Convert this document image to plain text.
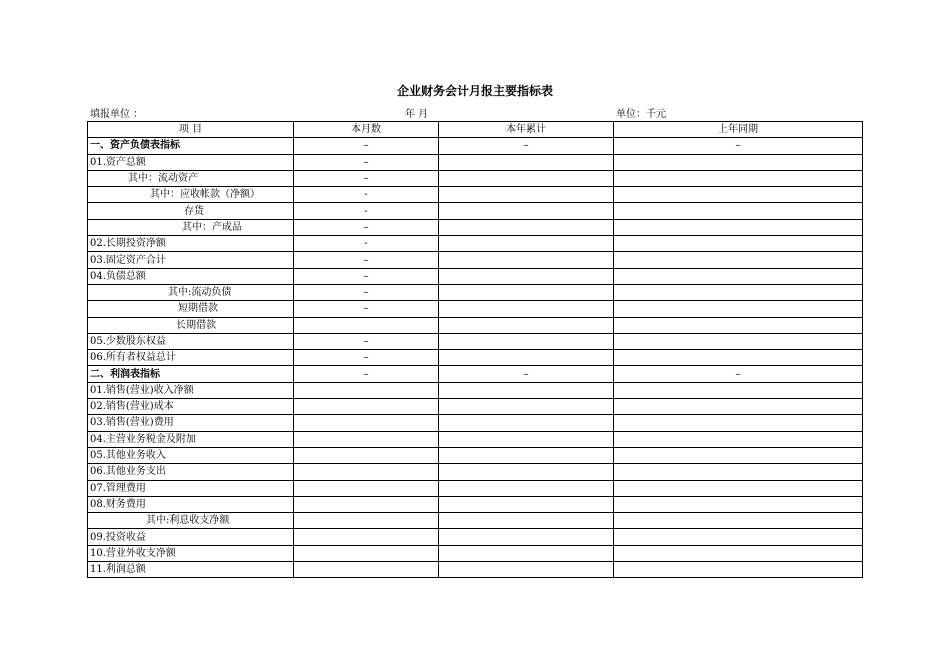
企业财务会计月报主要指标表
填报单位 ：	年 月	单位：千元
项 目	本月数	本年累计	上年同期
一、资产负债表指标	–	–	–
01.资产总额	–		
其中：流动资产	–		
其中：应收帐款（净额）	-		
存货	-		
其中：产成品	–		
02.长期投资净额	-		
03.固定资产合计	–		
04.负债总额	–		
其中:流动负债	–		
短期借款	–		
长期借款			
05.少数股东权益	–		
06.所有者权益总计	–		
二、利润表指标	–	–	–
01.销售(营业)收入净额			
02.销售(营业)成本			
03.销售(营业)费用			
04.主营业务税金及附加			
05.其他业务收入			
06.其他业务支出			
07.管理费用			
08.财务费用			
其中:利息收支净额			
09.投资收益			
10.营业外收支净额			
11.利润总额			
